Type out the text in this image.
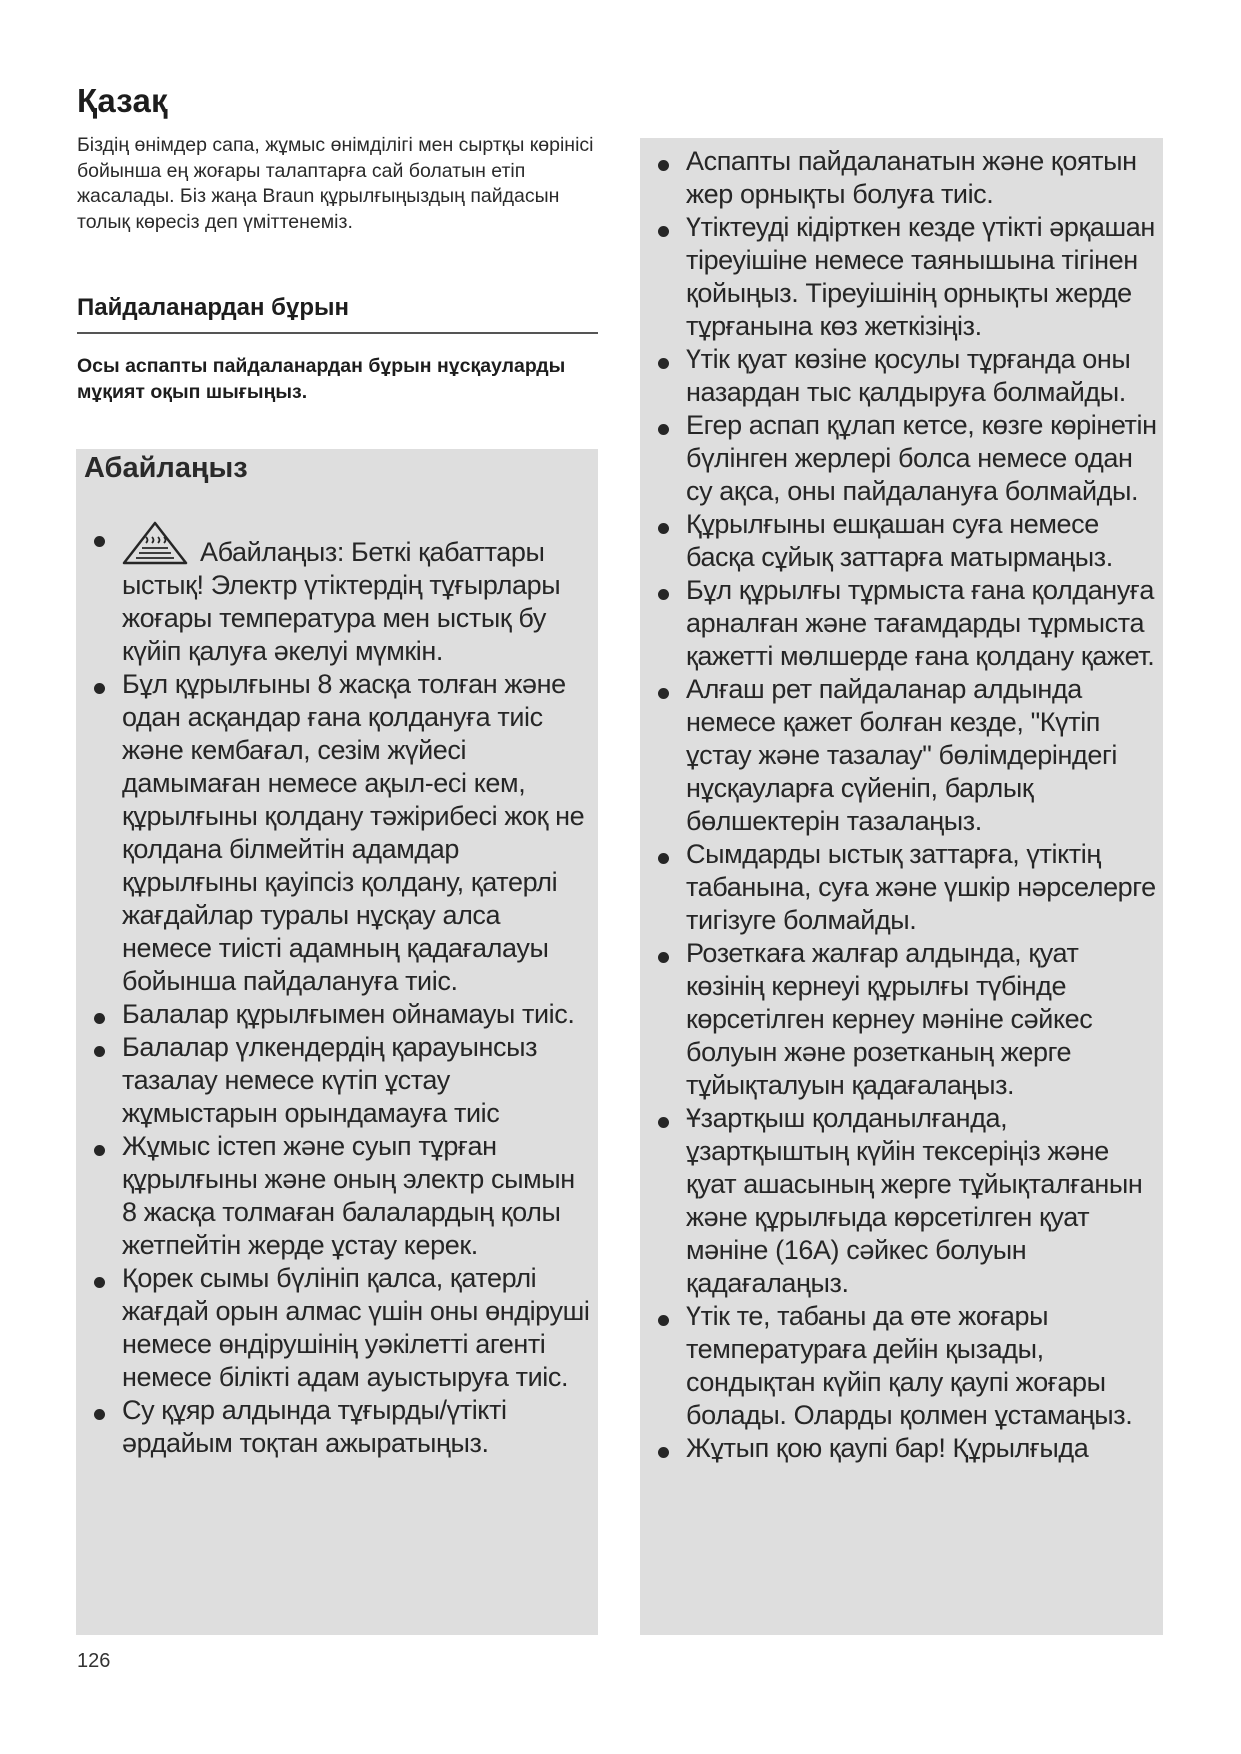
Қазақ

Біздің өнімдер сапа, жұмыс өнімділігі мен сыртқы көрінісі бойынша ең жоғары талаптарға сай болатын етіп жасалады. Біз жаңа Braun құрылғыңыздың пайдасын толық көресіз деп үміттенеміз.

Пайдаланардан бұрын

Осы аспапты пайдаланардан бұрын нұсқауларды мұқият оқып шығыңыз.

Абайлаңыз
Абайлаңыз: Беткі қабаттары ыстық! Электр үтіктердің тұғырлары жоғары температура мен ыстық бу күйіп қалуға әкелуі мүмкін.
Бұл құрылғыны 8 жасқа толған және одан асқандар ғана қолдануға тиіс және кембағал, сезім жүйесі дамымаған немесе ақыл-есі кем, құрылғыны қолдану тәжірибесі жоқ не қолдана білмейтін адамдар құрылғыны қауіпсіз қолдану, қатерлі жағдайлар туралы нұсқау алса немесе тиісті адамның қадағалауы бойынша пайдалануға тиіс.
Балалар құрылғымен ойнамауы тиіс.
Балалар үлкендердің қарауынсыз тазалау немесе күтіп ұстау жұмыстарын орындамауға тиіс
Жұмыс істеп және суып тұрған құрылғыны және оның электр сымын 8 жасқа толмаған балалардың қолы жетпейтін жерде ұстау керек.
Қорек сымы бүлініп қалса, қатерлі жағдай орын алмас үшін оны өндіруші немесе өндірушінің уәкілетті агенті немесе білікті адам ауыстыруға тиіс.
Су құяр алдында тұғырды/үтікті әрдайым тоқтан ажыратыңыз.
Аспапты пайдаланатын және қоятын жер орнықты болуға тиіс.
Үтіктеуді кідірткен кезде үтікті әрқашан тіреуішіне немесе таянышына тігінен қойыңыз. Тіреуішінің орнықты жерде тұрғанына көз жеткізіңіз.
Үтік қуат көзіне қосулы тұрғанда оны назардан тыс қалдыруға болмайды.
Егер аспап құлап кетсе, көзге көрінетін бүлінген жерлері болса немесе одан су ақса, оны пайдалануға болмайды.
Құрылғыны ешқашан суға немесе басқа сұйық заттарға матырмаңыз.
Бұл құрылғы тұрмыста ғана қолдануға арналған және тағамдарды тұрмыста қажетті мөлшерде ғана қолдану қажет.
Алғаш рет пайдаланар алдында немесе қажет болған кезде, "Күтіп ұстау және тазалау" бөлімдеріндегі нұсқауларға сүйеніп, барлық бөлшектерін тазалаңыз.
Сымдарды ыстық заттарға, үтіктің табанына, суға және үшкір нәрселерге тигізуге болмайды.
Розеткаға жалғар алдында, қуат көзінің кернеуі құрылғы түбінде көрсетілген кернеу мәніне сәйкес болуын және розетканың жерге тұйықталуын қадағалаңыз.
Ұзартқыш қолданылғанда, ұзартқыштың күйін тексеріңіз және қуат ашасының жерге тұйықталғанын және құрылғыда көрсетілген қуат мәніне (16А) сәйкес болуын қадағалаңыз.
Үтік те, табаны да өте жоғары температураға дейін қызады, сондықтан күйіп қалу қаупі жоғары болады. Оларды қолмен ұстамаңыз.
Жұтып қою қаупі бар! Құрылғыда

126
